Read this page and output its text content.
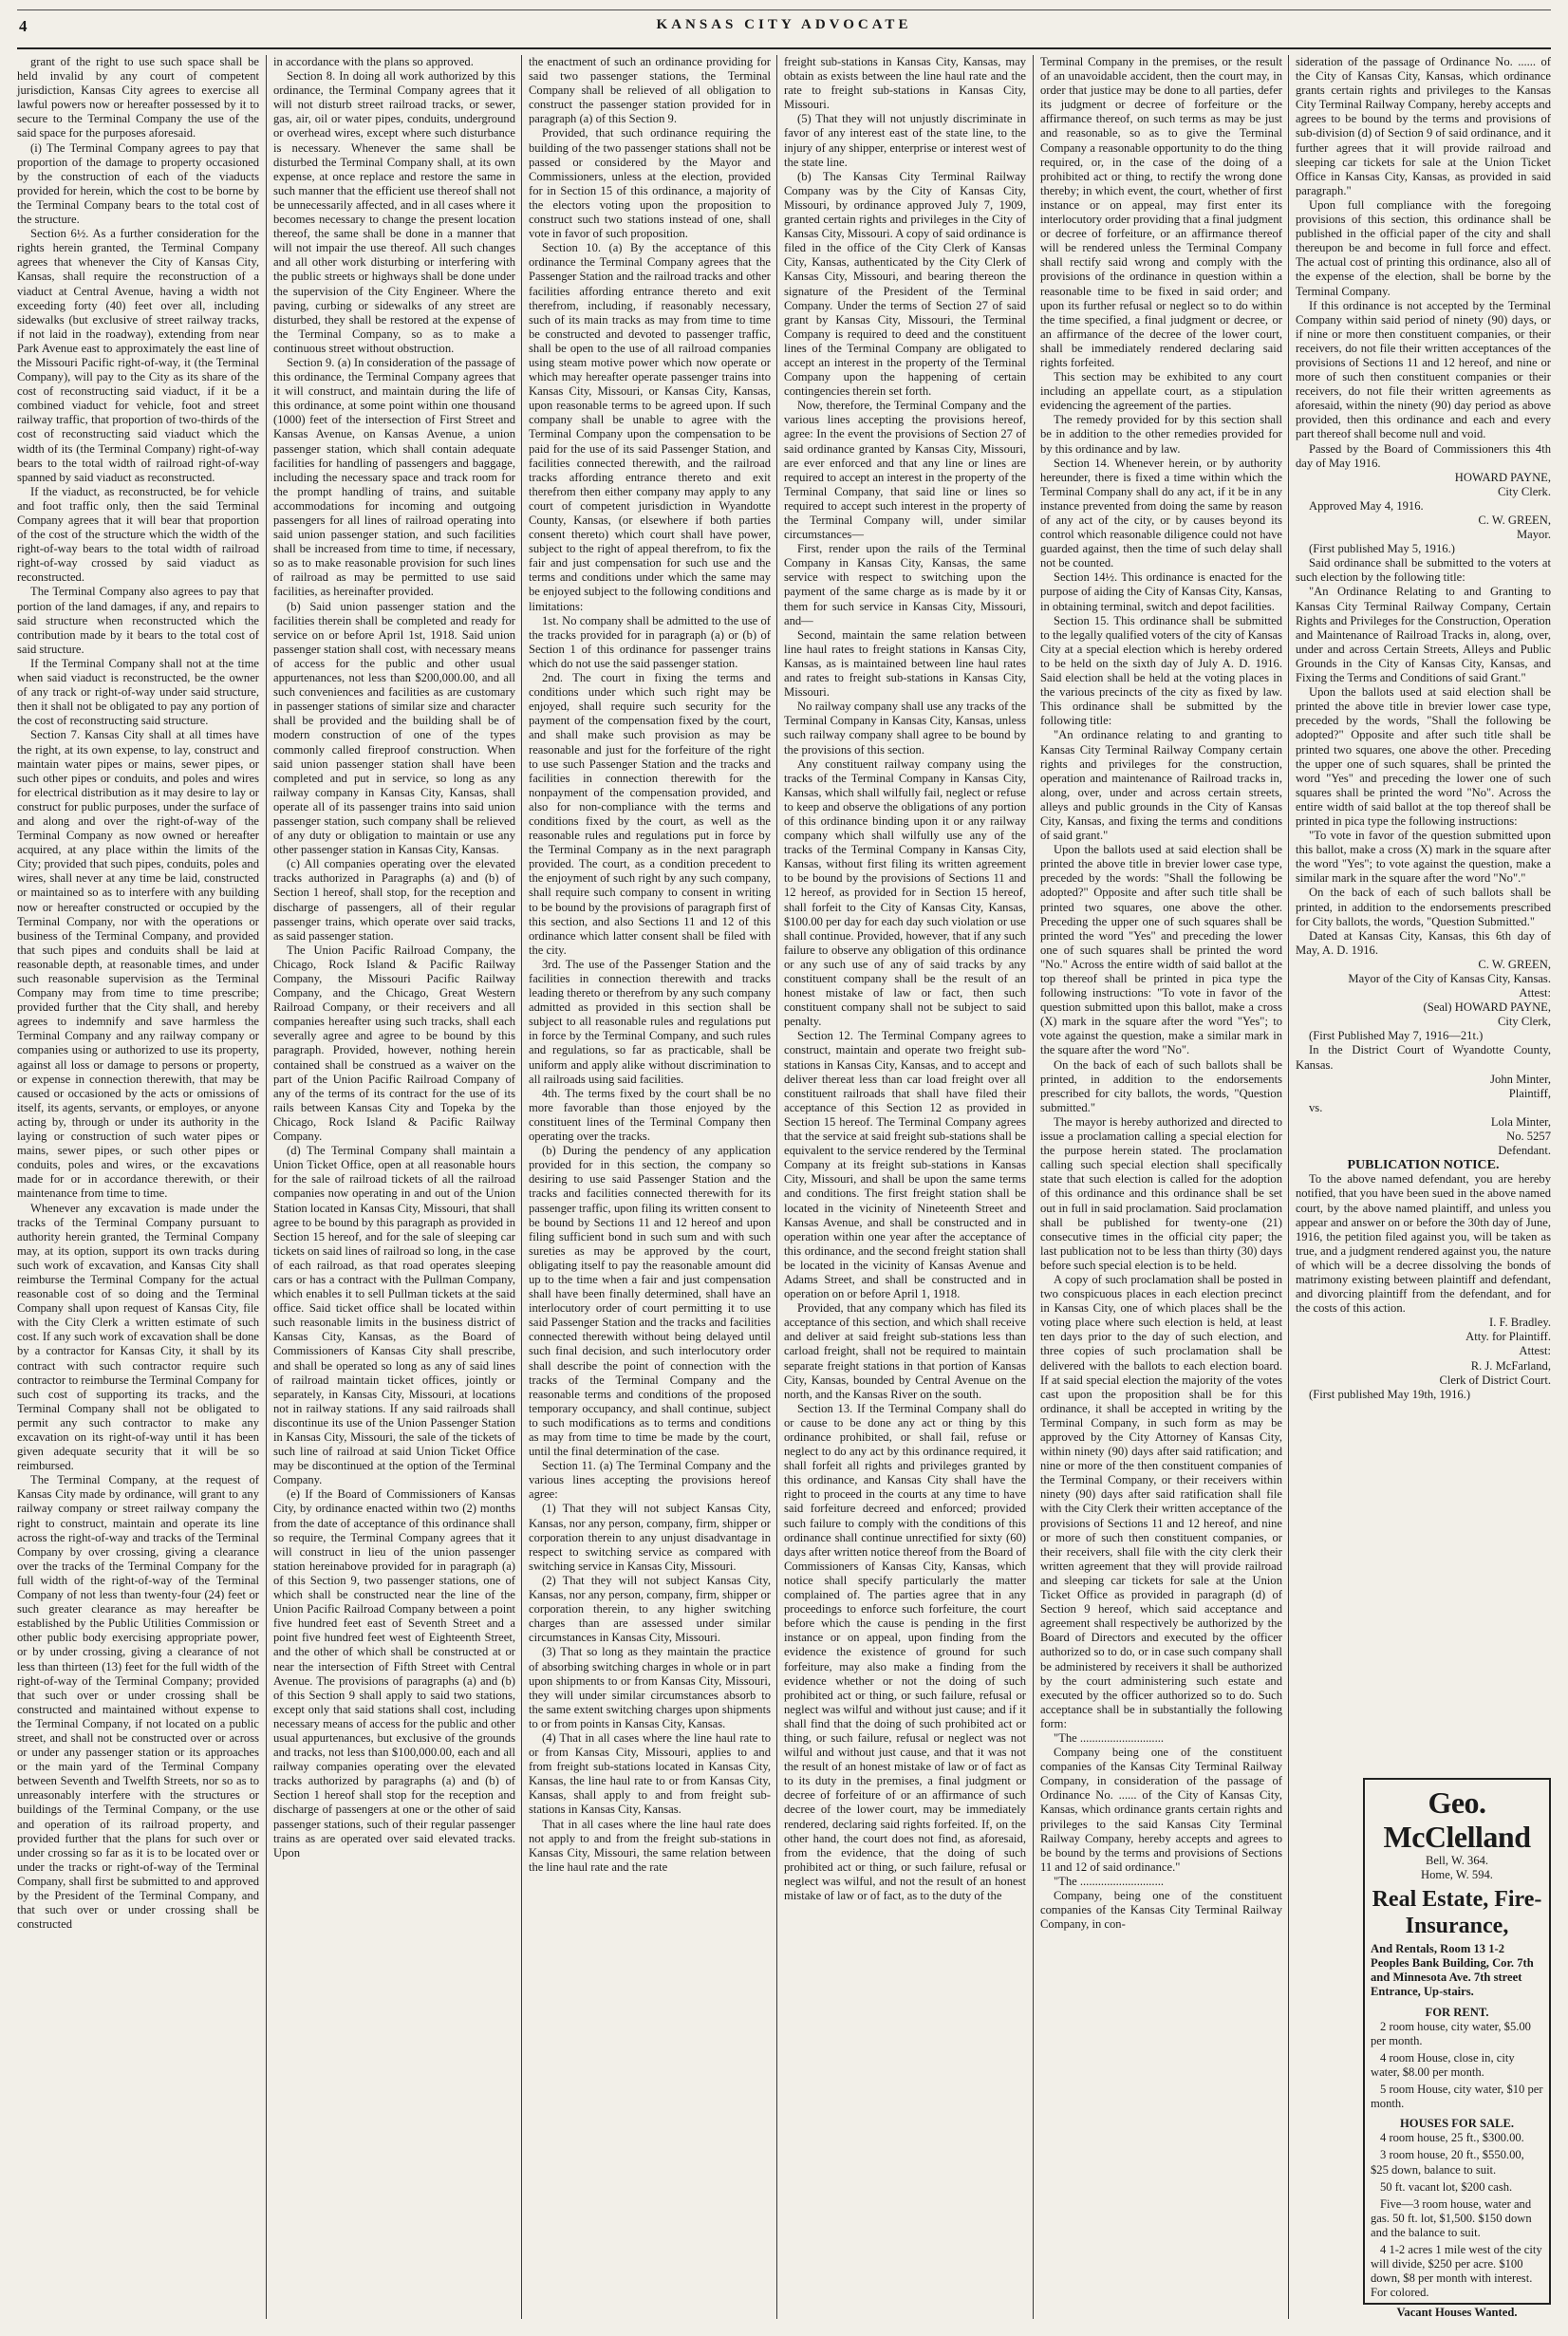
4	KANSAS CITY ADVOCATE

grant of the right to use such space shall be held invalid by any court of competent jurisdiction, Kansas City agrees to exercise all lawful powers now or hereafter possessed by it to secure to the Terminal Company the use of the said space for the purposes aforesaid.

(i) The Terminal Company agrees to pay that proportion of the damage to property occasioned by the construction of each of the viaducts provided for herein, which the cost to be borne by the Terminal Company bears to the total cost of the structure.

Section 6½. As a further consideration for the rights herein granted, the Terminal Company agrees that whenever the City of Kansas City, Kansas, shall require the reconstruction of a viaduct at Central Avenue, having a width not exceeding forty (40) feet over all, including sidewalks (but exclusive of street railway tracks, if not laid in the roadway), extending from near Park Avenue east to approximately the east line of the Missouri Pacific right-of-way, it (the Terminal Company), will pay to the City as its share of the cost of reconstructing said viaduct, if it be a combined viaduct for vehicle, foot and street railway traffic, that proportion of two-thirds of the cost of reconstructing said viaduct which the width of its (the Terminal Company) right-of-way bears to the total width of railroad right-of-way spanned by said viaduct as reconstructed.

If the viaduct, as reconstructed, be for vehicle and foot traffic only, then the said Terminal Company agrees that it will bear that proportion of the cost of the structure which the width of the right-of-way bears to the total width of railroad right-of-way crossed by said viaduct as reconstructed.

The Terminal Company also agrees to pay that portion of the land damages, if any, and repairs to said structure when reconstructed which the contribution made by it bears to the total cost of said structure.

If the Terminal Company shall not at the time when said viaduct is reconstructed, be the owner of any track or right-of-way under said structure, then it shall not be obligated to pay any portion of the cost of reconstructing said structure.

Section 7. Kansas City shall at all times have the right, at its own expense, to lay, construct and maintain water pipes or mains, sewer pipes, or such other pipes or conduits, and poles and wires for electrical distribution as it may desire to lay or construct for public purposes, under the surface of and along and over the right-of-way of the Terminal Company as now owned or hereafter acquired, at any place within the limits of the City; provided that such pipes, conduits, poles and wires, shall never at any time be laid, constructed or maintained so as to interfere with any building now or hereafter constructed or occupied by the Terminal Company, nor with the operations or business of the Terminal Company, and provided that such pipes and conduits shall be laid at reasonable depth, at reasonable times, and under such reasonable supervision as the Terminal Company may from time to time prescribe; provided further that the City shall, and hereby agrees to indemnify and save harmless the Terminal Company and any railway company or companies using or authorized to use its property, against all loss or damage to persons or property, or expense in connection therewith, that may be caused or occasioned by the acts or omissions of itself, its agents, servants, or employes, or anyone acting by, through or under its authority in the laying or construction of such water pipes or mains, sewer pipes, or such other pipes or conduits, poles and wires, or the excavations made for or in accordance therewith, or their maintenance from time to time.

Whenever any excavation is made under the tracks of the Terminal Company pursuant to authority herein granted, the Terminal Company may, at its option, support its own tracks during such work of excavation, and Kansas City shall reimburse the Terminal Company for the actual reasonable cost of so doing and the Terminal Company shall upon request of Kansas City, file with the City Clerk a written estimate of such cost. If any such work of excavation shall be done by a contractor for Kansas City, it shall by its contract with such contractor require such contractor to reimburse the Terminal Company for such cost of supporting its tracks, and the Terminal Company shall not be obligated to permit any such contractor to make any excavation on its right-of-way until it has been given adequate security that it will be so reimbursed.

The Terminal Company, at the request of Kansas City made by ordinance, will grant to any railway company or street railway company the right to construct, maintain and operate its line across the right-of-way and tracks of the Terminal Company by over crossing, giving a clearance over the tracks of the Terminal Company for the full width of the right-of-way of the Terminal Company of not less than twenty-four (24) feet or such greater clearance as may hereafter be established by the Public Utilities Commission or other public body exercising appropriate power, or by under crossing, giving a clearance of not less than thirteen (13) feet for the full width of the right-of-way of the Terminal Company; provided that such over or under crossing shall be constructed and maintained without expense to the Terminal Company, if not located on a public street, and shall not be constructed over or across or under any passenger station or its approaches or the main yard of the Terminal Company between Seventh and Twelfth Streets, nor so as to unreasonably interfere with the structures or buildings of the Terminal Company, or the use and operation of its railroad property, and provided further that the plans for such over or under crossing so far as it is to be located over or under the tracks or right-of-way of the Terminal Company, shall first be submitted to and approved by the President of the Terminal Company, and that such over or under crossing shall be constructed

in accordance with the plans so approved.

Section 8. In doing all work authorized by this ordinance, the Terminal Company agrees that it will not disturb street railroad tracks, or sewer, gas, air, oil or water pipes, conduits, underground or overhead wires, except where such disturbance is necessary. Whenever the same shall be disturbed the Terminal Company shall, at its own expense, at once replace and restore the same in such manner that the efficient use thereof shall not be unnecessarily affected, and in all cases where it becomes necessary to change the present location thereof, the same shall be done in a manner that will not impair the use thereof. All such changes and all other work disturbing or interfering with the public streets or highways shall be done under the supervision of the City Engineer. Where the paving, curbing or sidewalks of any street are disturbed, they shall be restored at the expense of the Terminal Company, so as to make a continuous street without obstruction.

Section 9. (a) In consideration of the passage of this ordinance, the Terminal Company agrees that it will construct, and maintain during the life of this ordinance, at some point within one thousand (1000) feet of the intersection of First Street and Kansas Avenue, on Kansas Avenue, a union passenger station, which shall contain adequate facilities for handling of passengers and baggage, including the necessary space and track room for the prompt handling of trains, and suitable accommodations for incoming and outgoing passengers for all lines of railroad operating into said union passenger station, and such facilities shall be increased from time to time, if necessary, so as to make reasonable provision for such lines of railroad as may be permitted to use said facilities, as hereinafter provided.

(b) Said union passenger station and the facilities therein shall be completed and ready for service on or before April 1st, 1918. Said union passenger station shall cost, with necessary means of access for the public and other usual appurtenances, not less than $200,000.00, and all such conveniences and facilities as are customary in passenger stations of similar size and character shall be provided and the building shall be of modern construction of one of the types commonly called fireproof construction. When said union passenger station shall have been completed and put in service, so long as any railway company in Kansas City, Kansas, shall operate all of its passenger trains into said union passenger station, such company shall be relieved of any duty or obligation to maintain or use any other passenger station in Kansas City, Kansas.

(c) All companies operating over the elevated tracks authorized in Paragraphs (a) and (b) of Section 1 hereof, shall stop, for the reception and discharge of passengers, all of their regular passenger trains, which operate over said tracks, as said passenger station.

The Union Pacific Railroad Company, the Chicago, Rock Island & Pacific Railway Company, the Missouri Pacific Railway Company, and the Chicago, Great Western Railroad Company, or their receivers and all companies hereafter using such tracks, shall each severally agree and agree to be bound by this paragraph. Provided, however, nothing herein contained shall be construed as a waiver on the part of the Union Pacific Railroad Company of any of the terms of its contract for the use of its rails between Kansas City and Topeka by the Chicago, Rock Island & Pacific Railway Company.

(d) The Terminal Company shall maintain a Union Ticket Office, open at all reasonable hours for the sale of railroad tickets of all the railroad companies now operating in and out of the Union Station located in Kansas City, Missouri, that shall agree to be bound by this paragraph as provided in Section 15 hereof, and for the sale of sleeping car tickets on said lines of railroad so long, in the case of each railroad, as that road operates sleeping cars or has a contract with the Pullman Company, which enables it to sell Pullman tickets at the said office. Said ticket office shall be located within such reasonable limits in the business district of Kansas City, Kansas, as the Board of Commissioners of Kansas City shall prescribe, and shall be operated so long as any of said lines of railroad maintain ticket offices, jointly or separately, in Kansas City, Missouri, at locations not in railway stations. If any said railroads shall discontinue its use of the Union Passenger Station in Kansas City, Missouri, the sale of the tickets of such line of railroad at said Union Ticket Office may be discontinued at the option of the Terminal Company.

(e) If the Board of Commissioners of Kansas City, by ordinance enacted within two (2) months from the date of acceptance of this ordinance shall so require, the Terminal Company agrees that it will construct in lieu of the union passenger station hereinabove provided for in paragraph (a) of this Section 9, two passenger stations, one of which shall be constructed near the line of the Union Pacific Railroad Company between a point five hundred feet east of Seventh Street and a point five hundred feet west of Eighteenth Street, and the other of which shall be constructed at or near the intersection of Fifth Street with Central Avenue. The provisions of paragraphs (a) and (b) of this Section 9 shall apply to said two stations, except only that said stations shall cost, including necessary means of access for the public and other usual appurtenances, but exclusive of the grounds and tracks, not less than $100,000.00, each and all railway companies operating over the elevated tracks authorized by paragraphs (a) and (b) of Section 1 hereof shall stop for the reception and discharge of passengers at one or the other of said passenger stations, such of their regular passenger trains as are operated over said elevated tracks. Upon

the enactment of such an ordinance providing for said two passenger stations, the Terminal Company shall be relieved of all obligation to construct the passenger station provided for in paragraph (a) of this Section 9.

Provided, that such ordinance requiring the building of the two passenger stations shall not be passed or considered by the Mayor and Commissioners, unless at the election, provided for in Section 15 of this ordinance, a majority of the electors voting upon the proposition to construct such two stations instead of one, shall vote in favor of such proposition.

Section 10. (a) By the acceptance of this ordinance the Terminal Company agrees that the Passenger Station and the railroad tracks and other facilities affording entrance thereto and exit therefrom, including, if reasonably necessary, such of its main tracks as may from time to time be constructed and devoted to passenger traffic, shall be open to the use of all railroad companies using steam motive power which now operate or which may hereafter operate passenger trains into Kansas City, Missouri, or Kansas City, Kansas, upon reasonable terms to be agreed upon. If such company shall be unable to agree with the Terminal Company upon the compensation to be paid for the use of its said Passenger Station, and facilities connected therewith, and the railroad tracks affording entrance thereto and exit therefrom then either company may apply to any court of competent jurisdiction in Wyandotte County, Kansas, (or elsewhere if both parties consent thereto) which court shall have power, subject to the right of appeal therefrom, to fix the fair and just compensation for such use and the terms and conditions under which the same may be enjoyed subject to the following conditions and limitations:

1st. No company shall be admitted to the use of the tracks provided for in paragraph (a) or (b) of Section 1 of this ordinance for passenger trains which do not use the said passenger station.

2nd. The court in fixing the terms and conditions under which such right may be enjoyed, shall require such security for the payment of the compensation fixed by the court, and shall make such provision as may be reasonable and just for the forfeiture of the right to use such Passenger Station and the tracks and facilities in connection therewith for the nonpayment of the compensation provided, and also for non-compliance with the terms and conditions fixed by the court, as well as the reasonable rules and regulations put in force by the Terminal Company as in the next paragraph provided. The court, as a condition precedent to the enjoyment of such right by any such company, shall require such company to consent in writing to be bound by the provisions of paragraph first of this section, and also Sections 11 and 12 of this ordinance which latter consent shall be filed with the city.

3rd. The use of the Passenger Station and the facilities in connection therewith and tracks leading thereto or therefrom by any such company admitted as provided in this section shall be subject to all reasonable rules and regulations put in force by the Terminal Company, and such rules and regulations, so far as practicable, shall be uniform and apply alike without discrimination to all railroads using said facilities.

4th. The terms fixed by the court shall be no more favorable than those enjoyed by the constituent lines of the Terminal Company then operating over the tracks.

(b) During the pendency of any application provided for in this section, the company so desiring to use said Passenger Station and the tracks and facilities connected therewith for its passenger traffic, upon filing its written consent to be bound by Sections 11 and 12 hereof and upon filing sufficient bond in such sum and with such sureties as may be approved by the court, obligating itself to pay the reasonable amount did up to the time when a fair and just compensation shall have been finally determined, shall have an interlocutory order of court permitting it to use said Passenger Station and the tracks and facilities connected therewith without being delayed until such final decision, and such interlocutory order shall describe the point of connection with the tracks of the Terminal Company and the reasonable terms and conditions of the proposed temporary occupancy, and shall continue, subject to such modifications as to terms and conditions as may from time to time be made by the court, until the final determination of the case.

Section 11. (a) The Terminal Company and the various lines accepting the provisions hereof agree:

(1) That they will not subject Kansas City, Kansas, nor any person, company, firm, shipper or corporation therein to any unjust disadvantage in respect to switching service as compared with switching service in Kansas City, Missouri.

(2) That they will not subject Kansas City, Kansas, nor any person, company, firm, shipper or corporation therein, to any higher switching charges than are assessed under similar circumstances in Kansas City, Missouri.

(3) That so long as they maintain the practice of absorbing switching charges in whole or in part upon shipments to or from Kansas City, Missouri, they will under similar circumstances absorb to the same extent switching charges upon shipments to or from points in Kansas City, Kansas.

(4) That in all cases where the line haul rate to or from Kansas City, Missouri, applies to and from freight sub-stations located in Kansas City, Kansas, the line haul rate to or from Kansas City, Kansas, shall apply to and from freight sub-stations in Kansas City, Kansas.

That in all cases where the line haul rate does not apply to and from the freight sub-stations in Kansas City, Missouri, the same relation between the line haul rate and the rate

freight sub-stations in Kansas City, Kansas, may obtain as exists between the line haul rate and the rate to freight sub-stations in Kansas City, Missouri.

(5) That they will not unjustly discriminate in favor of any interest east of the state line, to the injury of any shipper, enterprise or interest west of the state line.

(b) The Kansas City Terminal Railway Company was by the City of Kansas City, Missouri, by ordinance approved July 7, 1909, granted certain rights and privileges in the City of Kansas City, Missouri. A copy of said ordinance is filed in the office of the City Clerk of Kansas City, Kansas, authenticated by the City Clerk of Kansas City, Missouri, and bearing thereon the signature of the President of the Terminal Company. Under the terms of Section 27 of said grant by Kansas City, Missouri, the Terminal Company is required to deed and the constituent lines of the Terminal Company are obligated to accept an interest in the property of the Terminal Company upon the happening of certain contingencies therein set forth.

Now, therefore, the Terminal Company and the various lines accepting the provisions hereof, agree: In the event the provisions of Section 27 of said ordinance granted by Kansas City, Missouri, are ever enforced and that any line or lines are required to accept an interest in the property of the Terminal Company, that said line or lines so required to accept such interest in the property of the Terminal Company will, under similar circumstances—

First, render upon the rails of the Terminal Company in Kansas City, Kansas, the same service with respect to switching upon the payment of the same charge as is made by it or them for such service in Kansas City, Missouri, and—

Second, maintain the same relation between line haul rates to freight stations in Kansas City, Kansas, as is maintained between line haul rates and rates to freight sub-stations in Kansas City, Missouri.

No railway company shall use any tracks of the Terminal Company in Kansas City, Kansas, unless such railway company shall agree to be bound by the provisions of this section.

Any constituent railway company using the tracks of the Terminal Company in Kansas City, Kansas, which shall wilfully fail, neglect or refuse to keep and observe the obligations of any portion of this ordinance binding upon it or any railway company which shall wilfully use any of the tracks of the Terminal Company in Kansas City, Kansas, without first filing its written agreement to be bound by the provisions of Sections 11 and 12 hereof, as provided for in Section 15 hereof, shall forfeit to the City of Kansas City, Kansas, $100.00 per day for each day such violation or use shall continue. Provided, however, that if any such failure to observe any obligation of this ordinance or any such use of any of said tracks by any constituent company shall be the result of an honest mistake of law or fact, then such constituent company shall not be subject to said penalty.

Section 12. The Terminal Company agrees to construct, maintain and operate two freight sub-stations in Kansas City, Kansas, and to accept and deliver thereat less than car load freight over all constituent railroads that shall have filed their acceptance of this Section 12 as provided in Section 15 hereof. The Terminal Company agrees that the service at said freight sub-stations shall be equivalent to the service rendered by the Terminal Company at its freight sub-stations in Kansas City, Missouri, and shall be upon the same terms and conditions. The first freight station shall be located in the vicinity of Nineteenth Street and Kansas Avenue, and shall be constructed and in operation within one year after the acceptance of this ordinance, and the second freight station shall be located in the vicinity of Kansas Avenue and Adams Street, and shall be constructed and in operation on or before April 1, 1918.

Provided, that any company which has filed its acceptance of this section, and which shall receive and deliver at said freight sub-stations less than carload freight, shall not be required to maintain separate freight stations in that portion of Kansas City, Kansas, bounded by Central Avenue on the north, and the Kansas River on the south.

Section 13. If the Terminal Company shall do or cause to be done any act or thing by this ordinance prohibited, or shall fail, refuse or neglect to do any act by this ordinance required, it shall forfeit all rights and privileges granted by this ordinance, and Kansas City shall have the right to proceed in the courts at any time to have said forfeiture decreed and enforced; provided such failure to comply with the conditions of this ordinance shall continue unrectified for sixty (60) days after written notice thereof from the Board of Commissioners of Kansas City, Kansas, which notice shall specify particularly the matter complained of. The parties agree that in any proceedings to enforce such forfeiture, the court before which the cause is pending in the first instance or on appeal, upon finding from the evidence the existence of ground for such forfeiture, may also make a finding from the evidence whether or not the doing of such prohibited act or thing, or such failure, refusal or neglect was wilful and without just cause; and if it shall find that the doing of such prohibited act or thing, or such failure, refusal or neglect was not wilful and without just cause, and that it was not the result of an honest mistake of law or of fact as to its duty in the premises, a final judgment or decree of forfeiture of or an affirmance of such decree of the lower court, may be immediately rendered, declaring said rights forfeited. If, on the other hand, the court does not find, as aforesaid, from the evidence, that the doing of such prohibited act or thing, or such failure, refusal or neglect was wilful, and not the result of an honest mistake of law or of fact, as to the duty of the

Terminal Company in the premises, or the result of an unavoidable accident, then the court may, in order that justice may be done to all parties, defer its judgment or decree of forfeiture or the affirmance thereof, on such terms as may be just and reasonable, so as to give the Terminal Company a reasonable opportunity to do the thing required, or, in the case of the doing of a prohibited act or thing, to rectify the wrong done thereby; in which event, the court, whether of first instance or on appeal, may first enter its interlocutory order providing that a final judgment or decree of forfeiture, or an affirmance thereof will be rendered unless the Terminal Company shall rectify said wrong and comply with the provisions of the ordinance in question within a reasonable time to be fixed in said order; and upon its further refusal or neglect so to do within the time specified, a final judgment or decree, or an affirmance of the decree of the lower court, shall be immediately rendered declaring said rights forfeited.

This section may be exhibited to any court including an appellate court, as a stipulation evidencing the agreement of the parties.

The remedy provided for by this section shall be in addition to the other remedies provided for by this ordinance and by law.

Section 14. Whenever herein, or by authority hereunder, there is fixed a time within which the Terminal Company shall do any act, if it be in any instance prevented from doing the same by reason of any act of the city, or by causes beyond its control which reasonable diligence could not have guarded against, then the time of such delay shall not be counted.

Section 14½. This ordinance is enacted for the purpose of aiding the City of Kansas City, Kansas, in obtaining terminal, switch and depot facilities.

Section 15. This ordinance shall be submitted to the legally qualified voters of the city of Kansas City at a special election which is hereby ordered to be held on the sixth day of July A. D. 1916. Said election shall be held at the voting places in the various precincts of the city as fixed by law. This ordinance shall be submitted by the following title:

"An ordinance relating to and granting to Kansas City Terminal Railway Company certain rights and privileges for the construction, operation and maintenance of Railroad tracks in, along, over, under and across certain streets, alleys and public grounds in the City of Kansas City, Kansas, and fixing the terms and conditions of said grant."

Upon the ballots used at said election shall be printed the above title in brevier lower case type, preceded by the words: "Shall the following be adopted?" Opposite and after such title shall be printed two squares, one above the other. Preceding the upper one of such squares shall be printed the word "Yes" and preceding the lower one of such squares shall be printed the word "No." Across the entire width of said ballot at the top thereof shall be printed in pica type the following instructions: "To vote in favor of the question submitted upon this ballot, make a cross (X) mark in the square after the word "Yes"; to vote against the question, make a similar mark in the square after the word "No".

On the back of each of such ballots shall be printed, in addition to the endorsements prescribed for city ballots, the words, "Question submitted."

The mayor is hereby authorized and directed to issue a proclamation calling a special election for the purpose herein stated. The proclamation calling such special election shall specifically state that such election is called for the adoption of this ordinance and this ordinance shall be set out in full in said proclamation. Said proclamation shall be published for twenty-one (21) consecutive times in the official city paper; the last publication not to be less than thirty (30) days before such special election is to be held.

A copy of such proclamation shall be posted in two conspicuous places in each election precinct in Kansas City, one of which places shall be the voting place where such election is held, at least ten days prior to the day of such election, and three copies of such proclamation shall be delivered with the ballots to each election board. If at said special election the majority of the votes cast upon the proposition shall be for this ordinance, it shall be accepted in writing by the Terminal Company, in such form as may be approved by the City Attorney of Kansas City, within ninety (90) days after said ratification; and nine or more of the then constituent companies of the Terminal Company, or their receivers within ninety (90) days after said ratification shall file with the City Clerk their written acceptance of the provisions of Sections 11 and 12 hereof, and nine or more of such then constituent companies, or their receivers, shall file with the city clerk their written agreement that they will provide railroad and sleeping car tickets for sale at the Union Ticket Office as provided in paragraph (d) of Section 9 hereof, which said acceptance and agreement shall respectively be authorized by the Board of Directors and executed by the officer authorized so to do, or in case such company shall be administered by receivers it shall be authorized by the court administering such estate and executed by the officer authorized so to do. Such acceptance shall be in substantially the following form:

"The ............................

Company being one of the constituent companies of the Kansas City Terminal Railway Company, in consideration of the passage of Ordinance No. ...... of the City of Kansas City, Kansas, which ordinance grants certain rights and privileges to the said Kansas City Terminal Railway Company, hereby accepts and agrees to be bound by the terms and provisions of Sections 11 and 12 of said ordinance."

"The ............................

Company, being one of the constituent companies of the Kansas City Terminal Railway Company, in con-

sideration of the passage of Ordinance No. ...... of the City of Kansas City, Kansas, which ordinance grants certain rights and privileges to the Kansas City Terminal Railway Company, hereby accepts and agrees to be bound by the terms and provisions of sub-division (d) of Section 9 of said ordinance, and it further agrees that it will provide railroad and sleeping car tickets for sale at the Union Ticket Office in Kansas City, Kansas, as provided in said paragraph."

Upon full compliance with the foregoing provisions of this section, this ordinance shall be published in the official paper of the city and shall thereupon be and become in full force and effect. The actual cost of printing this ordinance, also all of the expense of the election, shall be borne by the Terminal Company.

If this ordinance is not accepted by the Terminal Company within said period of ninety (90) days, or if nine or more then constituent companies, or their receivers, do not file their written acceptances of the provisions of Sections 11 and 12 hereof, and nine or more of such then constituent companies or their receivers, do not file their written agreements as aforesaid, within the ninety (90) day period as above provided, then this ordinance and each and every part thereof shall become null and void.

Passed by the Board of Commissioners this 4th day of May 1916.

HOWARD PAYNE,
City Clerk.

Approved May 4, 1916.

C. W. GREEN,
Mayor.

(First published May 5, 1916.)

Said ordinance shall be submitted to the voters at such election by the following title:

"An Ordinance Relating to and Granting to Kansas City Terminal Railway Company, Certain Rights and Privileges for the Construction, Operation and Maintenance of Railroad Tracks in, along, over, under and across Certain Streets, Alleys and Public Grounds in the City of Kansas City, Kansas, and Fixing the Terms and Conditions of said Grant."

Upon the ballots used at said election shall be printed the above title in brevier lower case type, preceded by the words, "Shall the following be adopted?" Opposite and after such title shall be printed two squares, one above the other. Preceding the upper one of such squares, shall be printed the word "Yes" and preceding the lower one of such squares shall be printed the word "No". Across the entire width of said ballot at the top thereof shall be printed in pica type the following instructions:

"To vote in favor of the question submitted upon this ballot, make a cross (X) mark in the square after the word "Yes"; to vote against the question, make a similar mark in the square after the word "No"."

On the back of each of such ballots shall be printed, in addition to the endorsements prescribed for City ballots, the words, "Question Submitted."

Dated at Kansas City, Kansas, this 6th day of May, A. D. 1916.

C. W. GREEN,
Mayor of the City of Kansas City, Kansas.

Attest:
(Seal) HOWARD PAYNE,
City Clerk,

(First Published May 7, 1916—21t.)

In the District Court of Wyandotte County, Kansas.

John Minter,
Plaintiff,

vs.

Lola Minter,
No. 5257
Defendant.

PUBLICATION NOTICE.

To the above named defendant, you are hereby notified, that you have been sued in the above named court, by the above named plaintiff, and unless you appear and answer on or before the 30th day of June, 1916, the petition filed against you, will be taken as true, and a judgment rendered against you, the nature of which will be a decree dissolving the bonds of matrimony existing between plaintiff and defendant, and divorcing plaintiff from the defendant, and for the costs of this action.

I. F. Bradley.
Atty. for Plaintiff.

Attest:
R. J. McFarland,
Clerk of District Court.

(First published May 19th, 1916.)

Geo. McClelland
Bell, W. 364.
Home, W. 594.
Real Estate, Fire-Insurance,
And Rentals, Room 13 1-2 Peoples Bank Building, Cor. 7th and Minnesota Ave. 7th street Entrance, Up-stairs.
FOR RENT.

2 room house, city water, $5.00 per month.

4 room House, close in, city water, $8.00 per month.

5 room House, city water, $10 per month.

HOUSES FOR SALE.

4 room house, 25 ft., $300.00.

3 room house, 20 ft., $550.00, $25 down, balance to suit.

50 ft. vacant lot, $200 cash.

Five—3 room house, water and gas. 50 ft. lot, $1,500. $150 down and the balance to suit.

4 1-2 acres 1 mile west of the city will divide, $250 per acre. $100 down, $8 per month with interest. For colored.

Vacant Houses Wanted.
